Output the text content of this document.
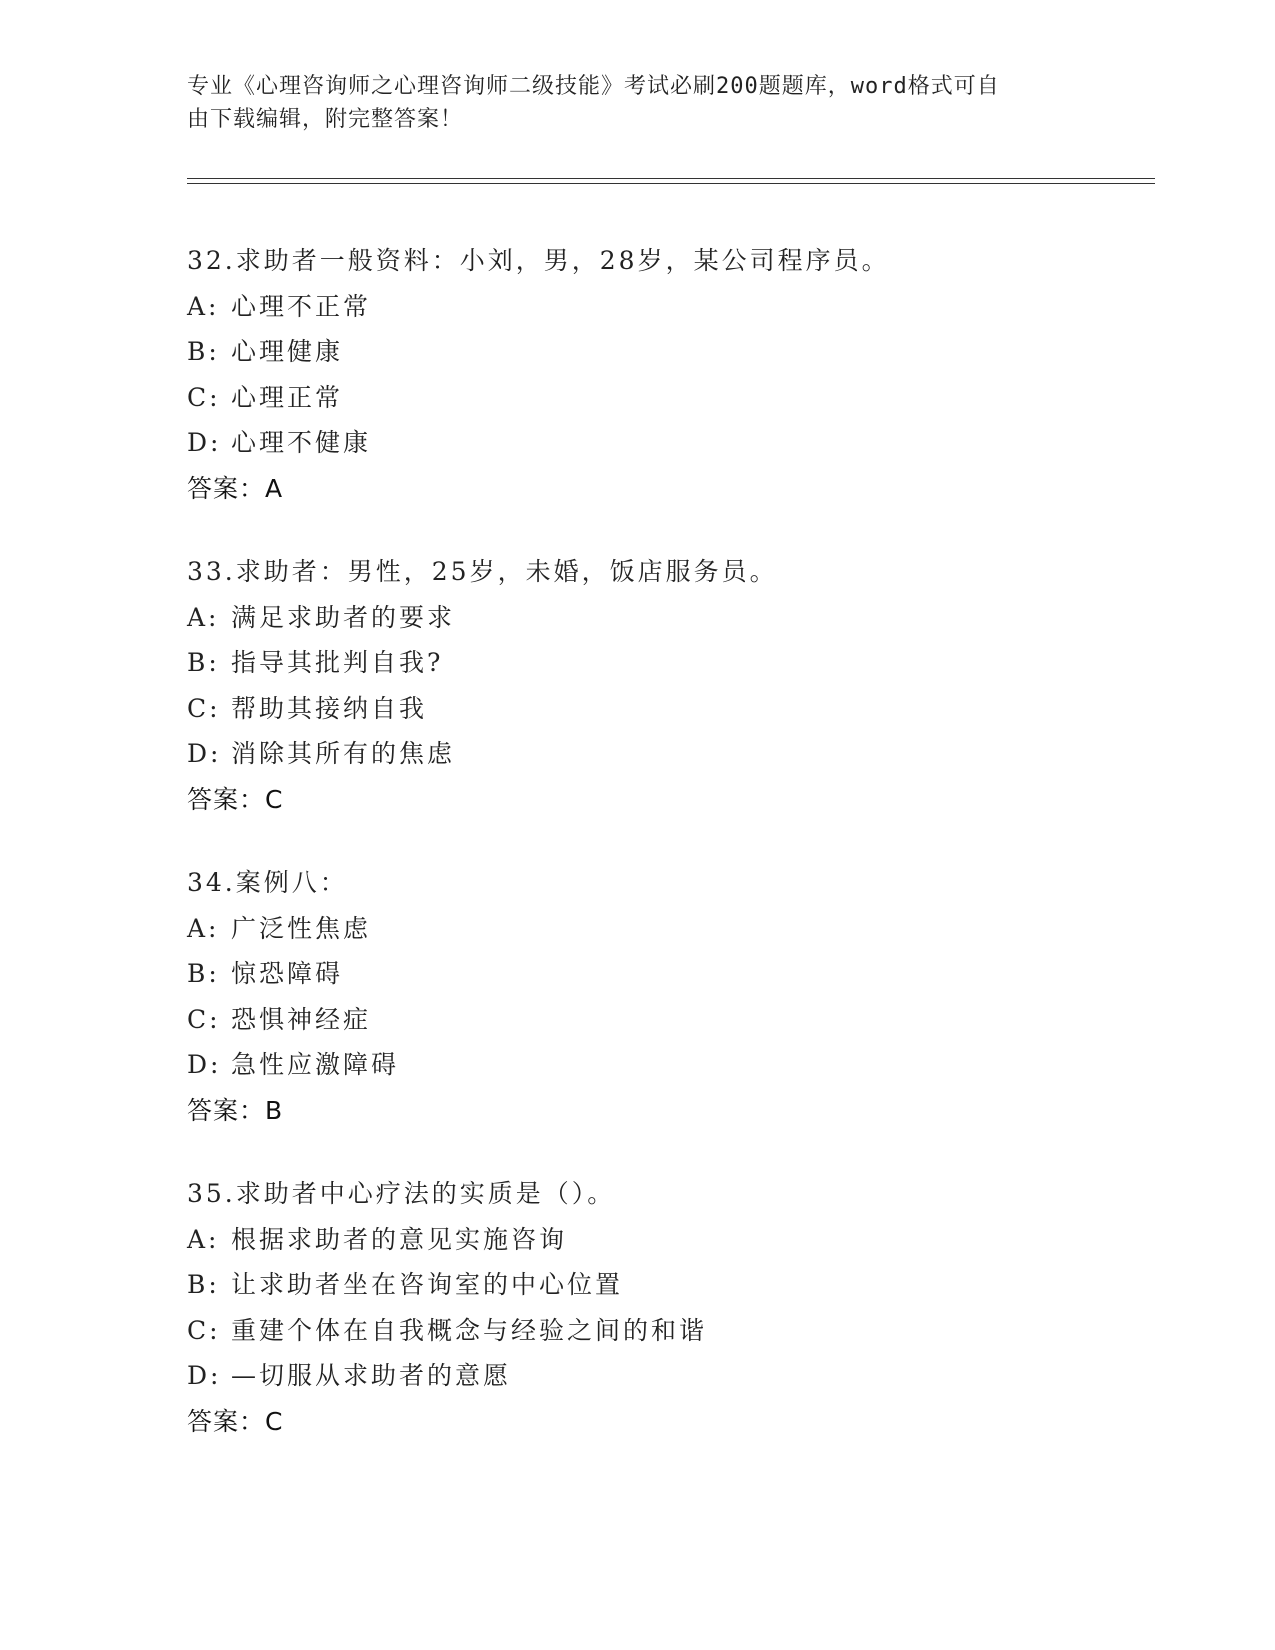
专业《心理咨询师之心理咨询师二级技能》考试必刷200题题库，word格式可自
由下载编辑，附完整答案！
32.求助者一般资料：小刘，男，28岁，某公司程序员。
A: 心理不正常
B: 心理健康
C: 心理正常
D: 心理不健康
答案：A
33.求助者：男性，25岁，未婚，饭店服务员。
A: 满足求助者的要求
B: 指导其批判自我?
C: 帮助其接纳自我
D: 消除其所有的焦虑
答案：C
34.案例八：
A: 广泛性焦虑
B: 惊恐障碍
C: 恐惧神经症
D: 急性应激障碍
答案：B
35.求助者中心疗法的实质是（）。
A: 根据求助者的意见实施咨询
B: 让求助者坐在咨询室的中心位置
C: 重建个体在自我概念与经验之间的和谐
D: —切服从求助者的意愿
答案：C
